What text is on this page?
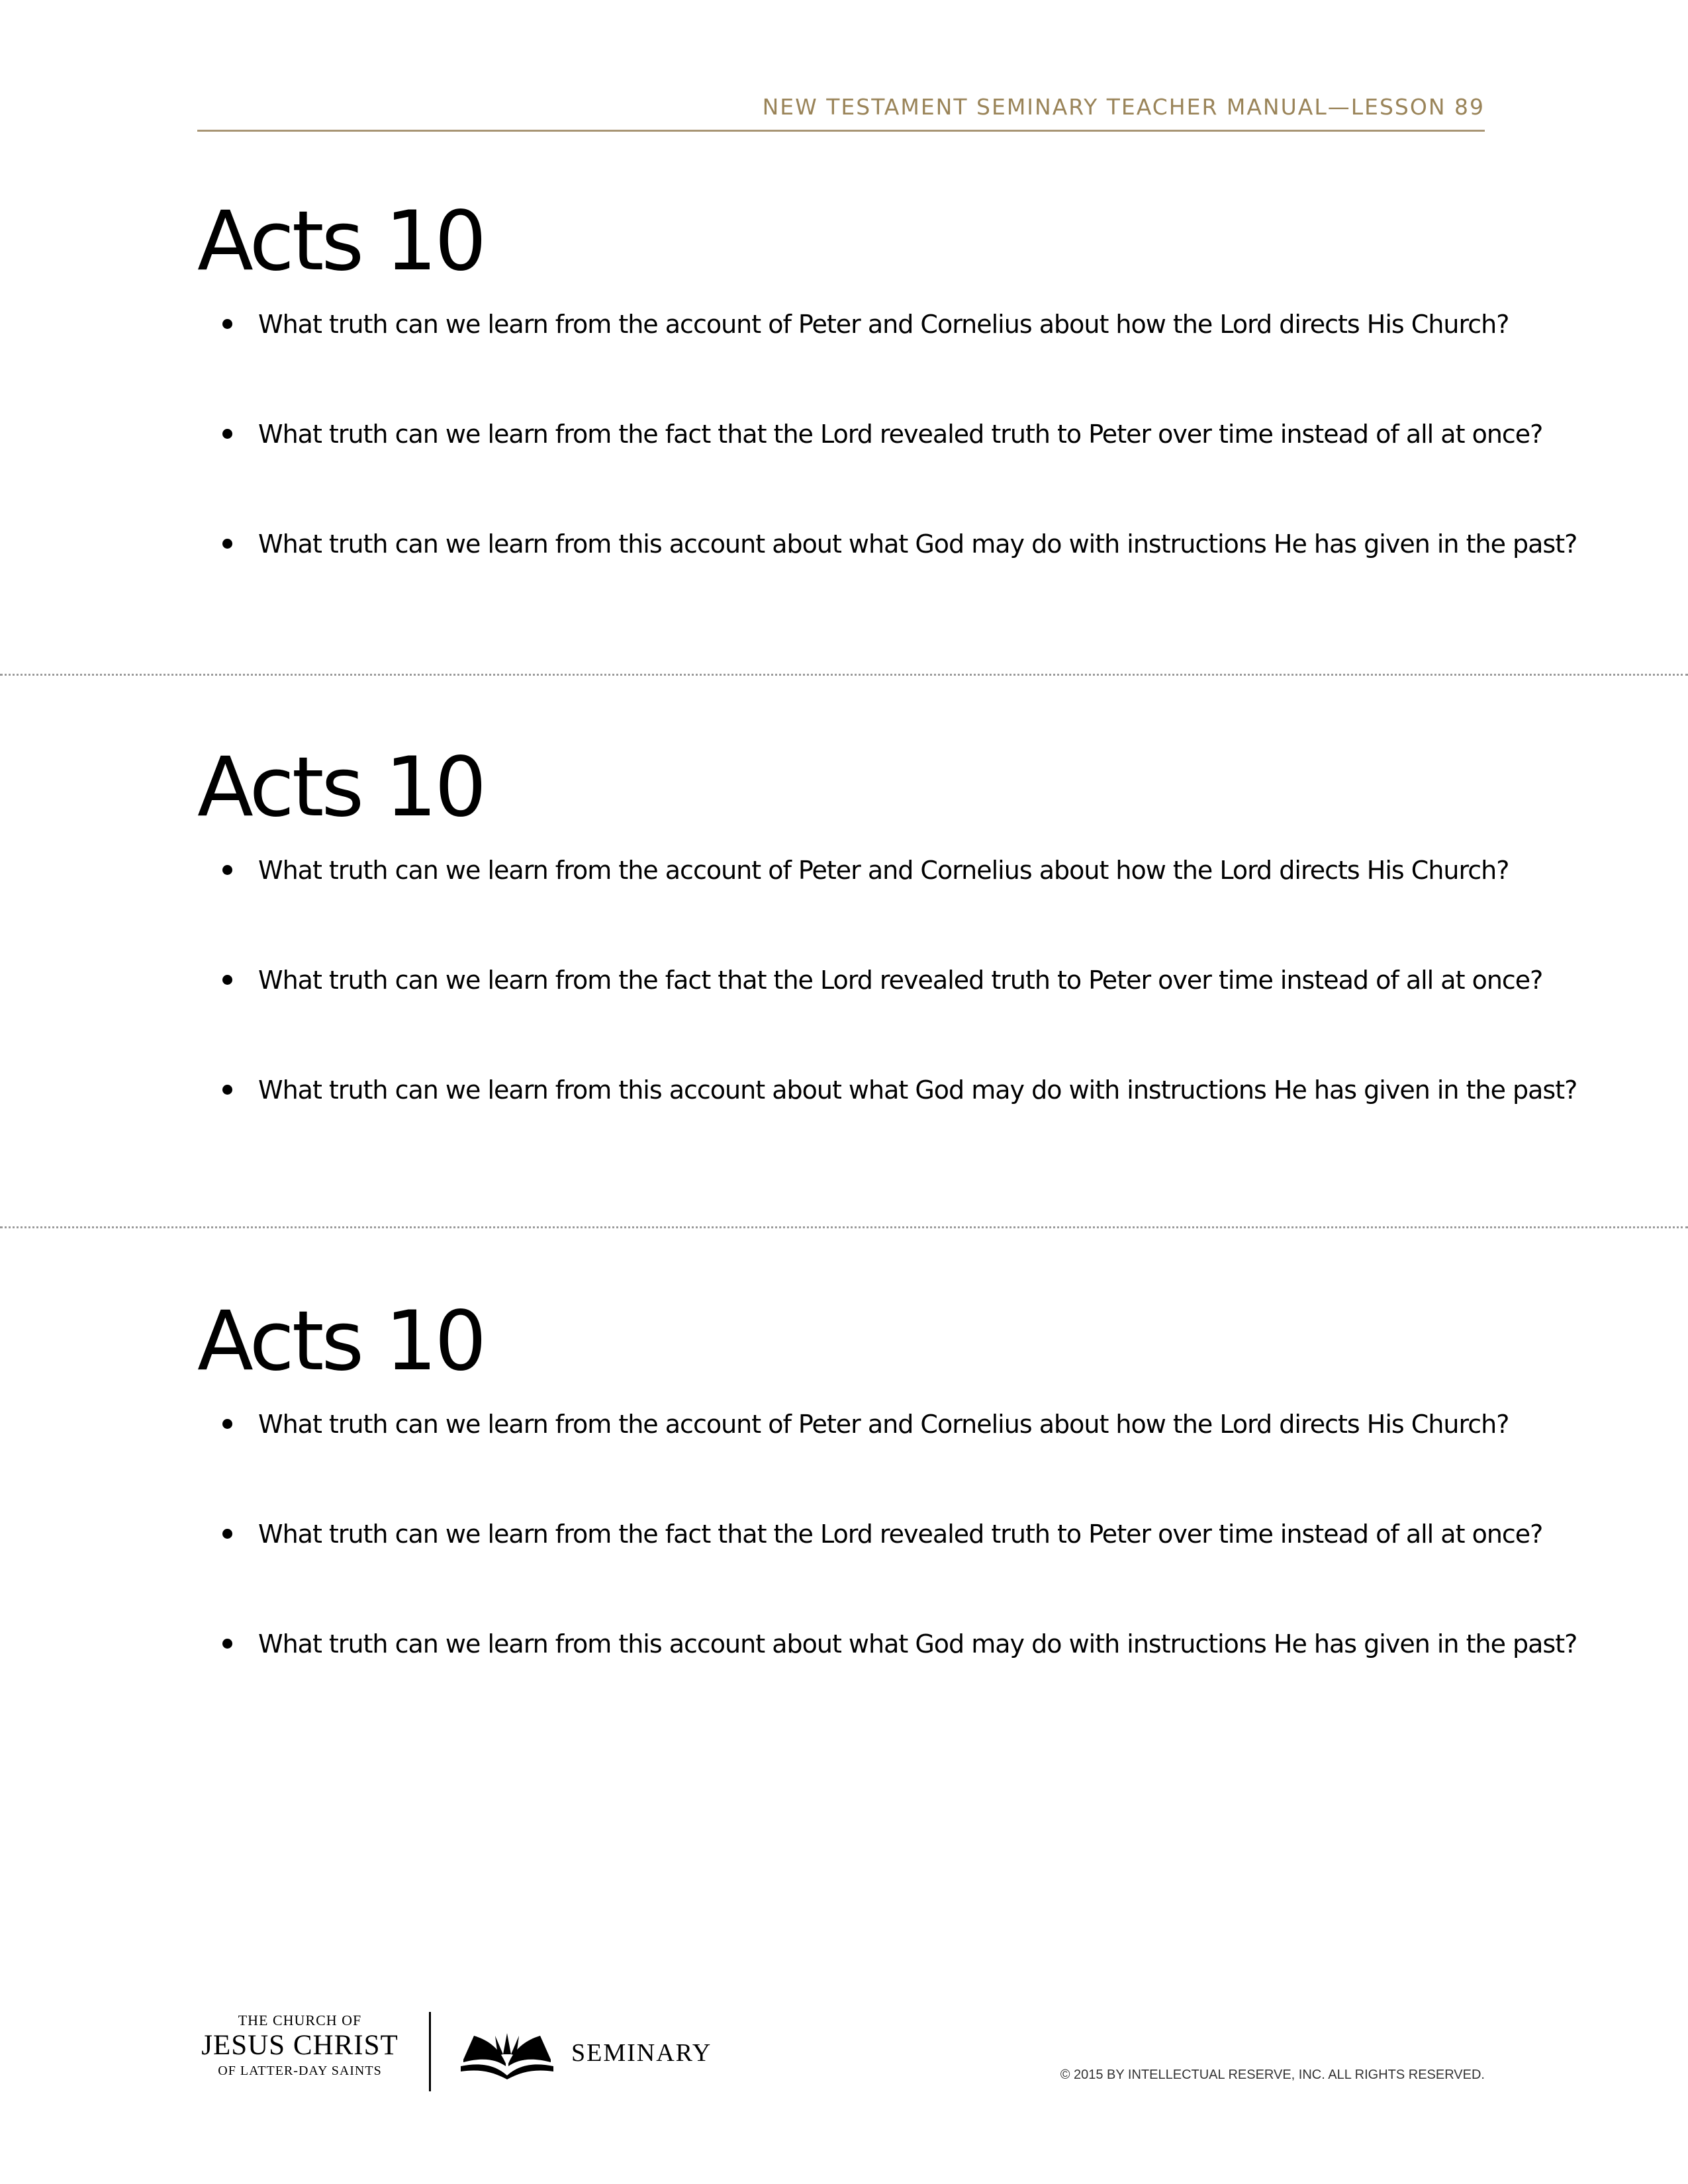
NEW TESTAMENT SEMINARY TEACHER MANUAL—LESSON 89
Acts 10
What truth can we learn from the account of Peter and Cornelius about how the Lord directs His Church?
What truth can we learn from the fact that the Lord revealed truth to Peter over time instead of all at once?
What truth can we learn from this account about what God may do with instructions He has given in the past?
Acts 10
What truth can we learn from the account of Peter and Cornelius about how the Lord directs His Church?
What truth can we learn from the fact that the Lord revealed truth to Peter over time instead of all at once?
What truth can we learn from this account about what God may do with instructions He has given in the past?
Acts 10
What truth can we learn from the account of Peter and Cornelius about how the Lord directs His Church?
What truth can we learn from the fact that the Lord revealed truth to Peter over time instead of all at once?
What truth can we learn from this account about what God may do with instructions He has given in the past?
THE CHURCH OF
JESUS CHRIST
OF LATTER-DAY SAINTS
SEMINARY
© 2015 BY INTELLECTUAL RESERVE, INC. ALL RIGHTS RESERVED.
